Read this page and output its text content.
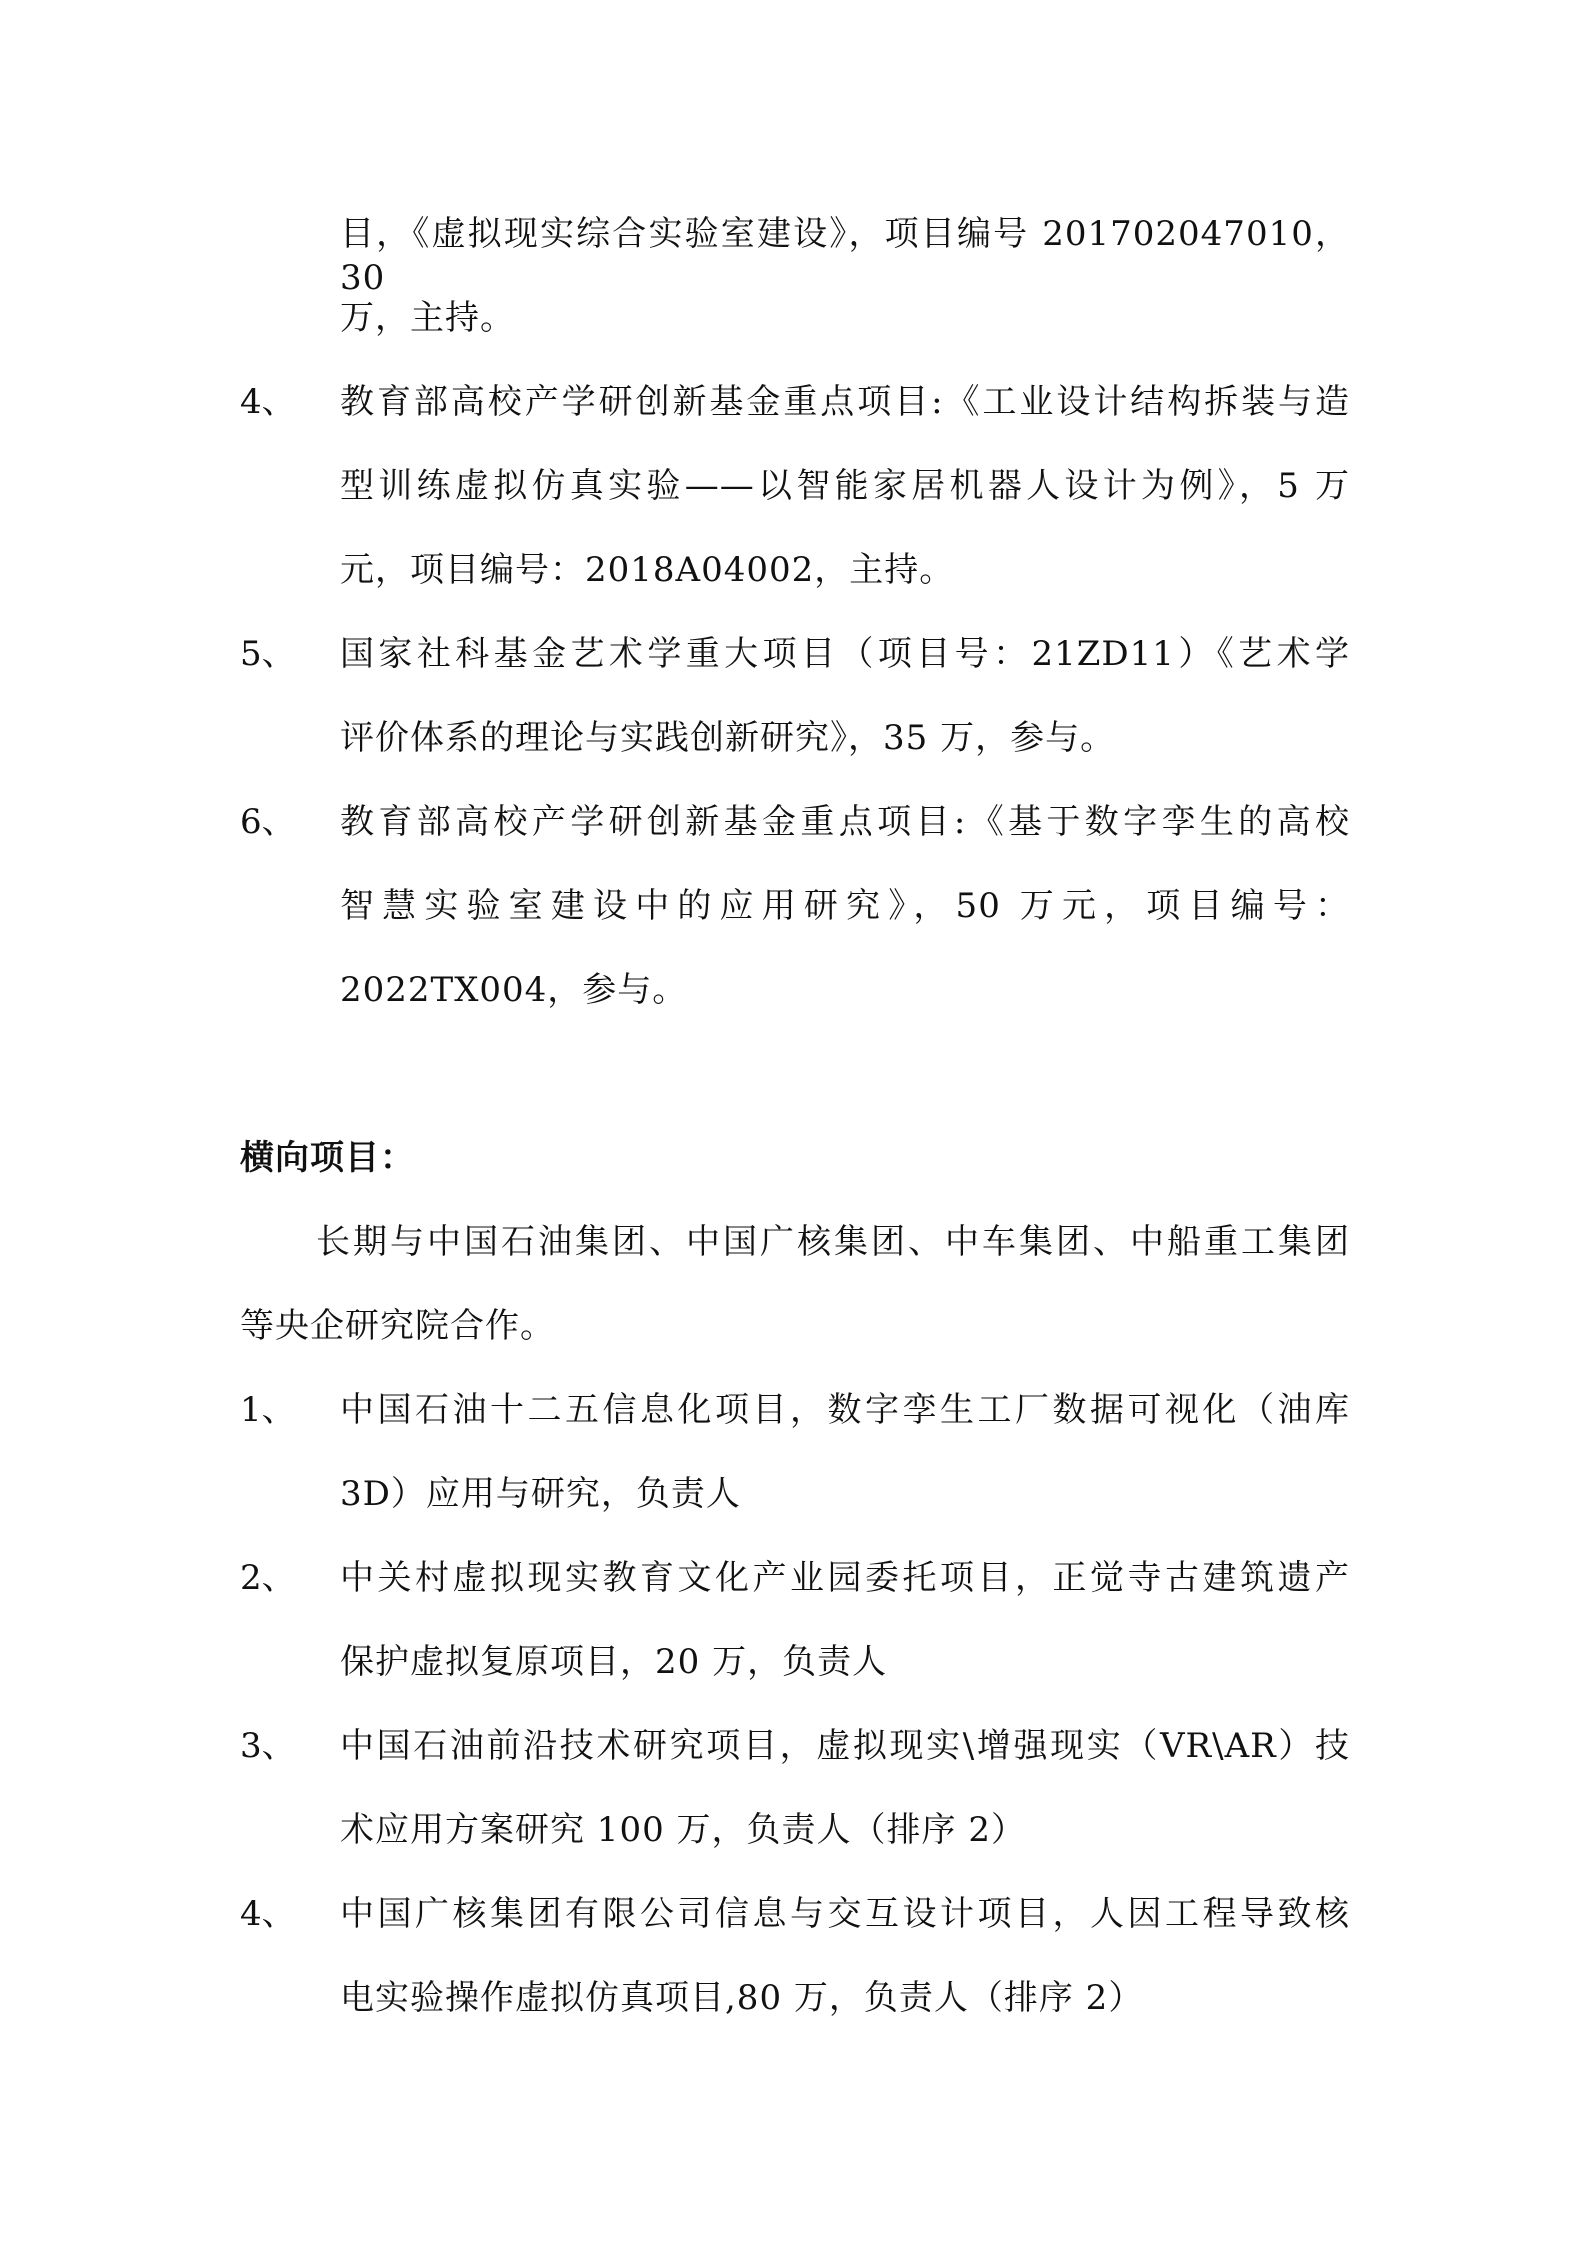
目，《虚拟现实综合实验室建设》，项目编号 201702047010，30
万，主持。
4、 教育部高校产学研创新基金重点项目:《工业设计结构拆装与造
型训练虚拟仿真实验——以智能家居机器人设计为例》，5 万
元，项目编号：2018A04002，主持。
5、 国家社科基金艺术学重大项目（项目号：21ZD11）《艺术学
评价体系的理论与实践创新研究》，35 万，参与。
6、 教育部高校产学研创新基金重点项目:《基于数字孪生的高校
智慧实验室建设中的应用研究》，50 万元，项目编号：
2022TX004，参与。
横向项目：
长期与中国石油集团、中国广核集团、中车集团、中船重工集团
等央企研究院合作。
1、 中国石油十二五信息化项目，数字孪生工厂数据可视化（油库
3D）应用与研究，负责人
2、 中关村虚拟现实教育文化产业园委托项目，正觉寺古建筑遗产
保护虚拟复原项目，20 万，负责人
3、 中国石油前沿技术研究项目，虚拟现实\增强现实（VR\AR）技
术应用方案研究 100 万，负责人（排序 2）
4、 中国广核集团有限公司信息与交互设计项目，人因工程导致核
电实验操作虚拟仿真项目,80 万，负责人（排序 2）
